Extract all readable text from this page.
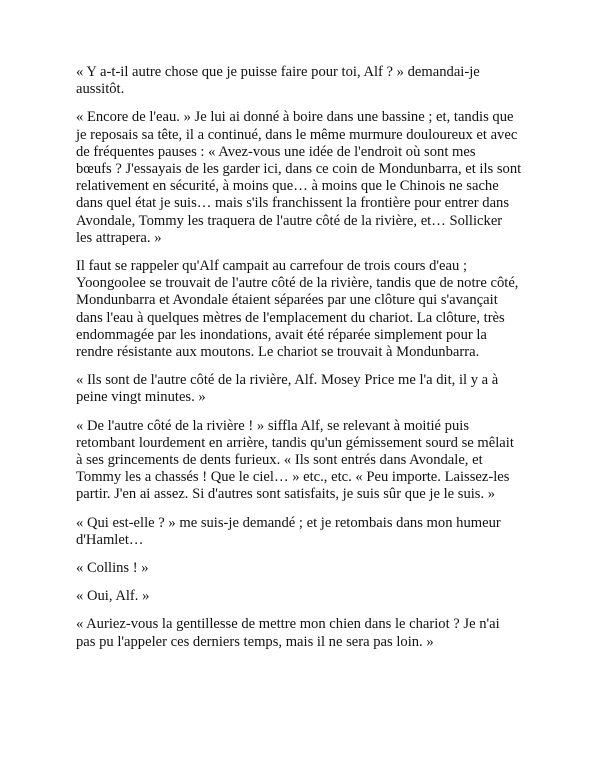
« Y a-t-il autre chose que je puisse faire pour toi, Alf ? » demandai-je
aussitôt.

« Encore de l'eau. » Je lui ai donné à boire dans une bassine ; et, tandis que
je reposais sa tête, il a continué, dans le même murmure douloureux et avec
de fréquentes pauses : « Avez-vous une idée de l'endroit où sont mes
bœufs ? J'essayais de les garder ici, dans ce coin de Mondunbarra, et ils sont
relativement en sécurité, à moins que… à moins que le Chinois ne sache
dans quel état je suis… mais s'ils franchissent la frontière pour entrer dans
Avondale, Tommy les traquera de l'autre côté de la rivière, et… Sollicker
les attrapera. »

Il faut se rappeler qu'Alf campait au carrefour de trois cours d'eau ;
Yoongoolee se trouvait de l'autre côté de la rivière, tandis que de notre côté,
Mondunbarra et Avondale étaient séparées par une clôture qui s'avançait
dans l'eau à quelques mètres de l'emplacement du chariot. La clôture, très
endommagée par les inondations, avait été réparée simplement pour la
rendre résistante aux moutons. Le chariot se trouvait à Mondunbarra.

« Ils sont de l'autre côté de la rivière, Alf. Mosey Price me l'a dit, il y a à
peine vingt minutes. »

« De l'autre côté de la rivière ! » siffla Alf, se relevant à moitié puis
retombant lourdement en arrière, tandis qu'un gémissement sourd se mêlait
à ses grincements de dents furieux. « Ils sont entrés dans Avondale, et
Tommy les a chassés ! Que le ciel… » etc., etc. « Peu importe. Laissez-les
partir. J'en ai assez. Si d'autres sont satisfaits, je suis sûr que je le suis. »

« Qui est-elle ? » me suis-je demandé ; et je retombais dans mon humeur
d'Hamlet…

« Collins ! »

« Oui, Alf. »

« Auriez-vous la gentillesse de mettre mon chien dans le chariot ? Je n'ai
pas pu l'appeler ces derniers temps, mais il ne sera pas loin. »
